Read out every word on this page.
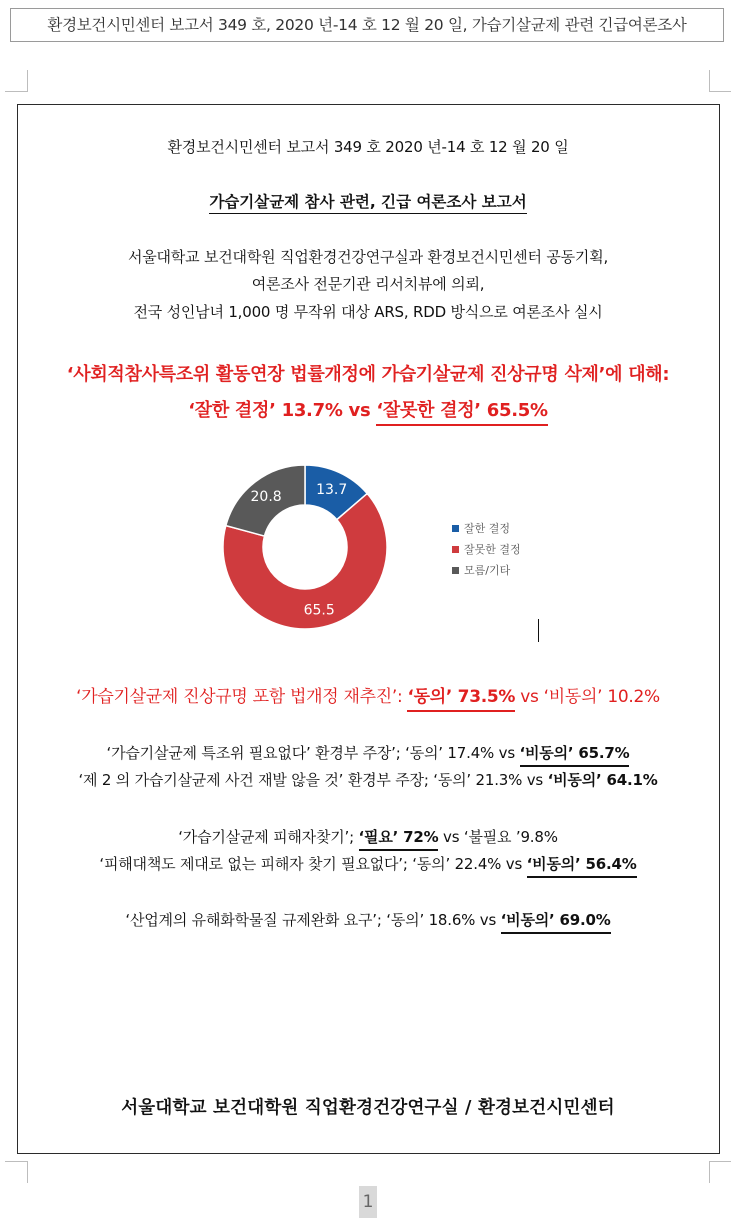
환경보건시민센터 보고서 349 호, 2020 년-14 호 12 월 20 일, 가습기살균제 관련 긴급여론조사
환경보건시민센터 보고서 349 호 2020 년-14 호 12 월 20 일
가습기살균제 참사 관련, 긴급 여론조사 보고서
서울대학교 보건대학원 직업환경건강연구실과 환경보건시민센터 공동기획,
여론조사 전문기관 리서치뷰에 의뢰,
전국 성인남녀 1,000 명 무작위 대상 ARS, RDD 방식으로 여론조사 실시
‘사회적참사특조위 활동연장 법률개정에 가습기살균제 진상규명 삭제’에 대해:
‘잘한 결정’ 13.7% vs ‘잘못한 결정’ 65.5%
13.7
65.5
20.8
잘한 결정
잘못한 결정
모름/기타
‘가습기살균제 진상규명 포함 법개정 재추진’: ‘동의’ 73.5% vs ‘비동의’ 10.2%
‘가습기살균제 특조위 필요없다’ 환경부 주장’; ‘동의’ 17.4% vs ‘비동의’ 65.7%
‘제 2 의 가습기살균제 사건 재발 않을 것’ 환경부 주장; ‘동의’ 21.3% vs ‘비동의’ 64.1%
‘가습기살균제 피해자찾기’; ‘필요’ 72% vs ‘불필요 ’9.8%
‘피해대책도 제대로 없는 피해자 찾기 필요없다’; ‘동의’ 22.4% vs ‘비동의’ 56.4%
‘산업계의 유해화학물질 규제완화 요구’; ‘동의’ 18.6% vs ‘비동의’ 69.0%
서울대학교 보건대학원 직업환경건강연구실 / 환경보건시민센터
1
